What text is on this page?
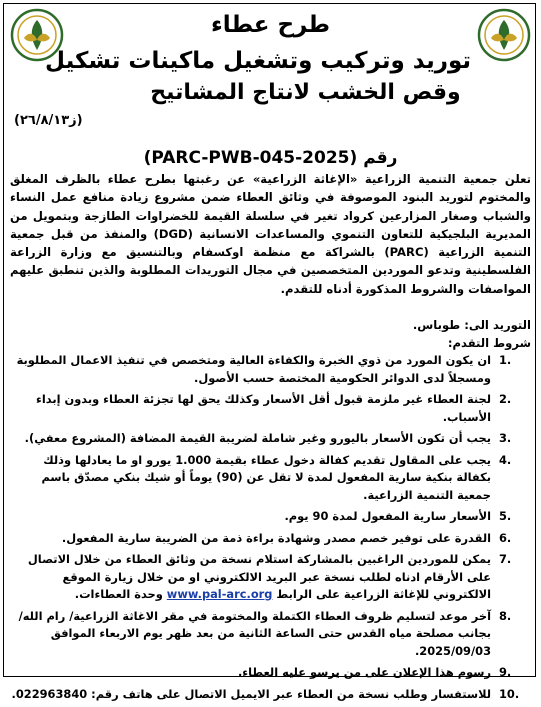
طرح عطاء
توريد وتركيب وتشغيل ماكينات تشكيل
وقص الخشب لانتاج المشاتيح
(ز٢٦/٨/١٣)
رقم (PARC-PWB-045-2025)

تعلن جمعية التنمية الزراعية «الإغاثة الزراعية» عن رغبتها بطرح عطاء بالظرف المغلق والمختوم لتوريد البنود الموصوفة في وثائق العطاء ضمن مشروع زيادة منافع عمل النساء والشباب وصغار المزارعين كرواد تغير في سلسلة القيمة للخضراوات الطازجة وبتمويل من المديرية البلجيكية للتعاون التنموي والمساعدات الانسانية (DGD) والمنفذ من قبل جمعية التنمية الزراعية (PARC) بالشراكة مع منظمة اوكسفام وبالتنسيق مع وزارة الزراعة الفلسطينية وتدعو الموردين المتخصصين في مجال التوريدات المطلوبة والذين تنطبق عليهم المواصفات والشروط المذكورة أدناه للتقدم.

التوريد الى: طوباس.
شروط التقدم:
1.
ان يكون المورد من ذوي الخبرة والكفاءة العالية ومتخصص في تنفيذ الاعمال المطلوبة ومسجلاً لدى الدوائر الحكومية المختصة حسب الأصول.
2.
لجنة العطاء غير ملزمة قبول أقل الأسعار وكذلك يحق لها تجزئة العطاء وبدون إبداء الأسباب.
3.
يجب أن تكون الأسعار باليورو وغير شاملة لضريبة القيمة المضافة (المشروع معفي).
4.
يجب على المقاول تقديم كفالة دخول عطاء بقيمة 1.000 يورو او ما يعادلها وذلك بكفالة بنكية سارية المفعول لمدة لا تقل عن (90) يوماً أو شيك بنكي مصدّق باسم جمعية التنمية الزراعية.
5.
الأسعار سارية المفعول لمدة 90 يوم.
6.
القدرة على توفير خصم مصدر وشهادة براءة ذمة من الضريبة سارية المفعول.
7.
يمكن للموردين الراغبين بالمشاركة استلام نسخة من وثائق العطاء من خلال الاتصال على الأرقام ادناه لطلب نسخة عبر البريد الالكتروني او من خلال زيارة الموقع الالكتروني للإغاثة الزراعية على الرابط www.pal-arc.org وحدة العطاءات.
8.
آخر موعد لتسليم ظروف العطاء الكتملة والمختومة في مقر الاغاثة الزراعية/ رام الله/ بجانب مصلحة مياه القدس حتى الساعة الثانية من بعد ظهر يوم الاربعاء الموافق 2025/09/03.
9.
رسوم هذا الإعلان على من يرسو عليه العطاء.
10.
للاستفسار وطلب نسخة من العطاء عبر الايميل الاتصال على هاتف رقم: 022963840.
